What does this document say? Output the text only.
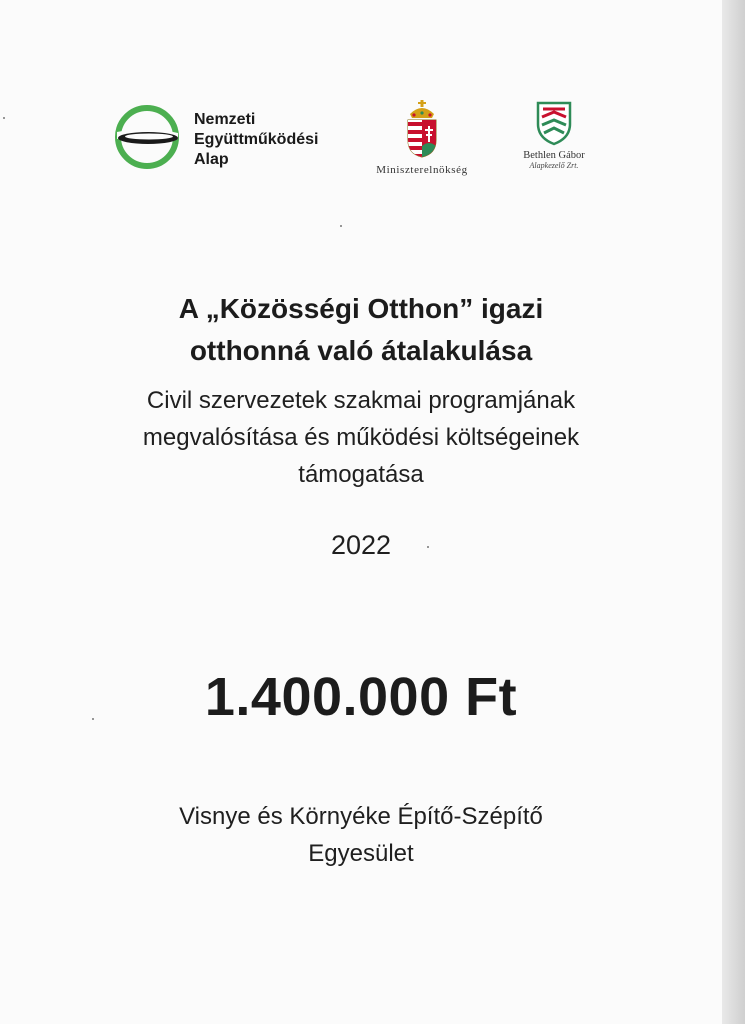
Nemzeti
Együttműködési
Alap
Miniszterelnökség
Bethlen Gábor
Alapkezelő Zrt.
A „Közösségi Otthon” igazi
otthonná való átalakulása
Civil szervezetek szakmai programjának
megvalósítása és működési költségeinek
támogatása
2022
1.400.000 Ft
Visnye és Környéke Építő-Szépítő
Egyesület
